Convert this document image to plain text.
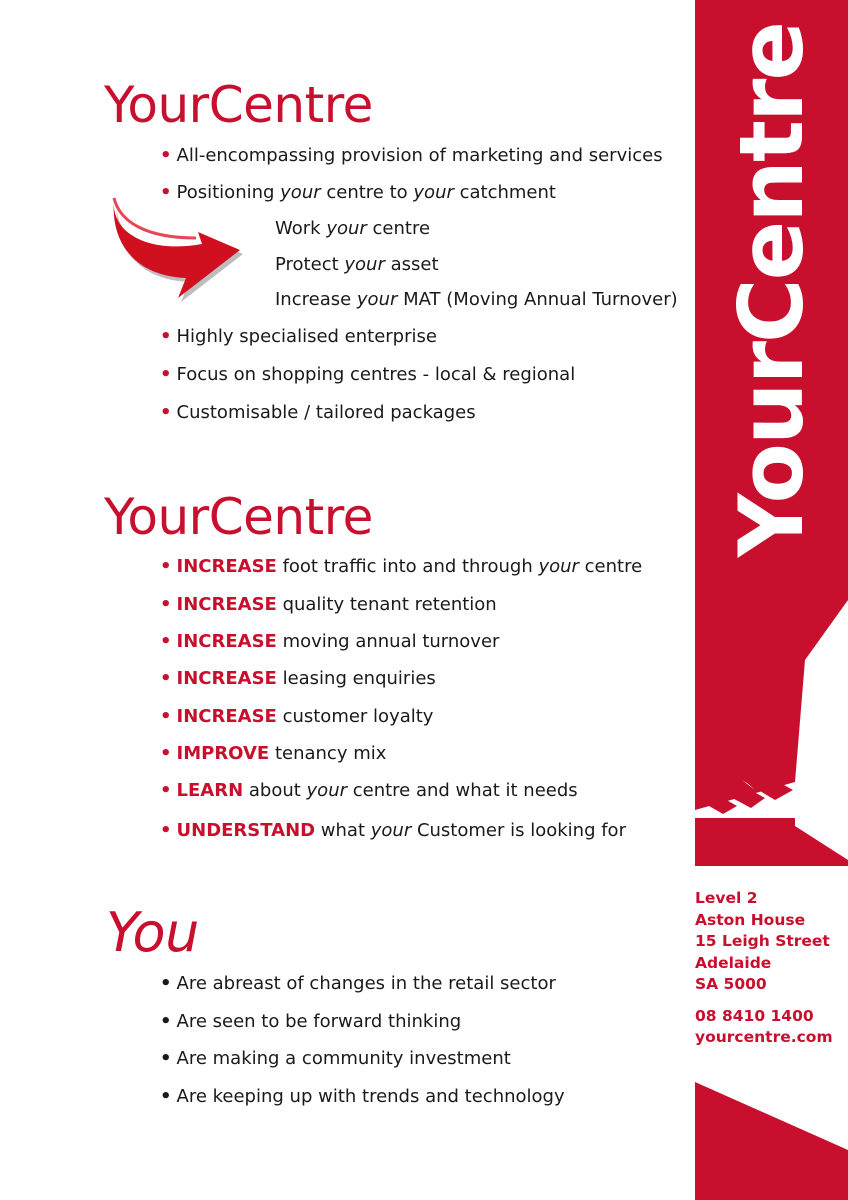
YourCentre
• All-encompassing provision of marketing and services
• Positioning your centre to your catchment
• Highly specialised enterprise
• Focus on shopping centres - local & regional
• Customisable / tailored packages
Work your centre
Protect your asset
Increase your MAT (Moving Annual Turnover)
YourCentre
• INCREASE foot traffic into and through your centre
• INCREASE quality tenant retention
• INCREASE moving annual turnover
• INCREASE leasing enquiries
• INCREASE customer loyalty
• IMPROVE tenancy mix
• LEARN about your centre and what it needs
• UNDERSTAND what your Customer is looking for
You
• Are abreast of changes in the retail sector
• Are seen to be forward thinking
• Are making a community investment
• Are keeping up with trends and technology
YourCentre
Level 2
Aston House
15 Leigh Street
Adelaide
SA 5000
08 8410 1400
yourcentre.com
